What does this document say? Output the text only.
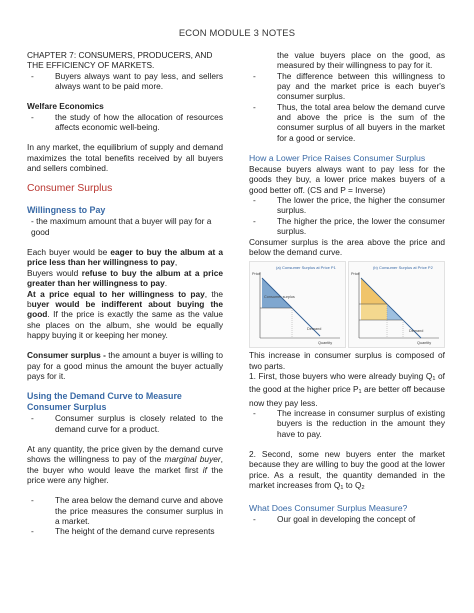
ECON MODULE 3 NOTES

CHAPTER 7: CONSUMERS, PRODUCERS, AND THE EFFICIENCY OF MARKETS.

-	Buyers always want to pay less, and sellers always want to be paid more.

Welfare Economics

-	the study of how the allocation of resources affects economic well-being.

In any market, the equilibrium of supply and demand maximizes the total benefits received by all buyers and sellers combined.

Consumer Surplus

Willingness to Pay

- the maximum amount that a buyer will pay for a good

Each buyer would be eager to buy the album at a price less than her willingness to pay,

Buyers would refuse to buy the album at a price greater than her willingness to pay.

At a price equal to her willingness to pay, the buyer would be indifferent about buying the good. If the price is exactly the same as the value she places on the album, she would be equally happy buying it or keeping her money.

Consumer surplus - the amount a buyer is willing to pay for a good minus the amount the buyer actually pays for it.

Using the Demand Curve to Measure Consumer Surplus

-	Consumer surplus is closely related to the demand curve for a product.

At any quantity, the price given by the demand curve shows the willingness to pay of the marginal buyer, the buyer who would leave the market first if the price were any higher.

-	The area below the demand curve and above the price measures the consumer surplus in a market.
-	The height of the demand curve represents

the value buyers place on the good, as measured by their willingness to pay for it.

-	The difference between this willingness to pay and the market price is each buyer's consumer surplus.
-	Thus, the total area below the demand curve and above the price is the sum of the consumer surplus of all buyers in the market for a good or service.

How a Lower Price Raises Consumer Surplus

Because buyers always want to pay less for the goods they buy, a lower price makes buyers of a good better off. (CS and P = Inverse)

-	The lower the price, the higher the consumer surplus.
-	The higher the price, the lower the consumer surplus.

Consumer surplus is the area above the price and below the demand curve.

(a) Consumer Surplus at Price P1
Price
Quantity
Demand
Consumer surplus
(b) Consumer Surplus at Price P2
Price
Quantity
Demand

This increase in consumer surplus is composed of two parts.

1. First, those buyers who were already buying $Q_1$ of the good at the higher price $P_1$ are better off because now they pay less.

-	The increase in consumer surplus of existing buyers is the reduction in the amount they have to pay.

2. Second, some new buyers enter the market because they are willing to buy the good at the lower price. As a result, the quantity demanded in the market increases from $Q_1$ to $Q_2$

What Does Consumer Surplus Measure?

-	Our goal in developing the concept of
